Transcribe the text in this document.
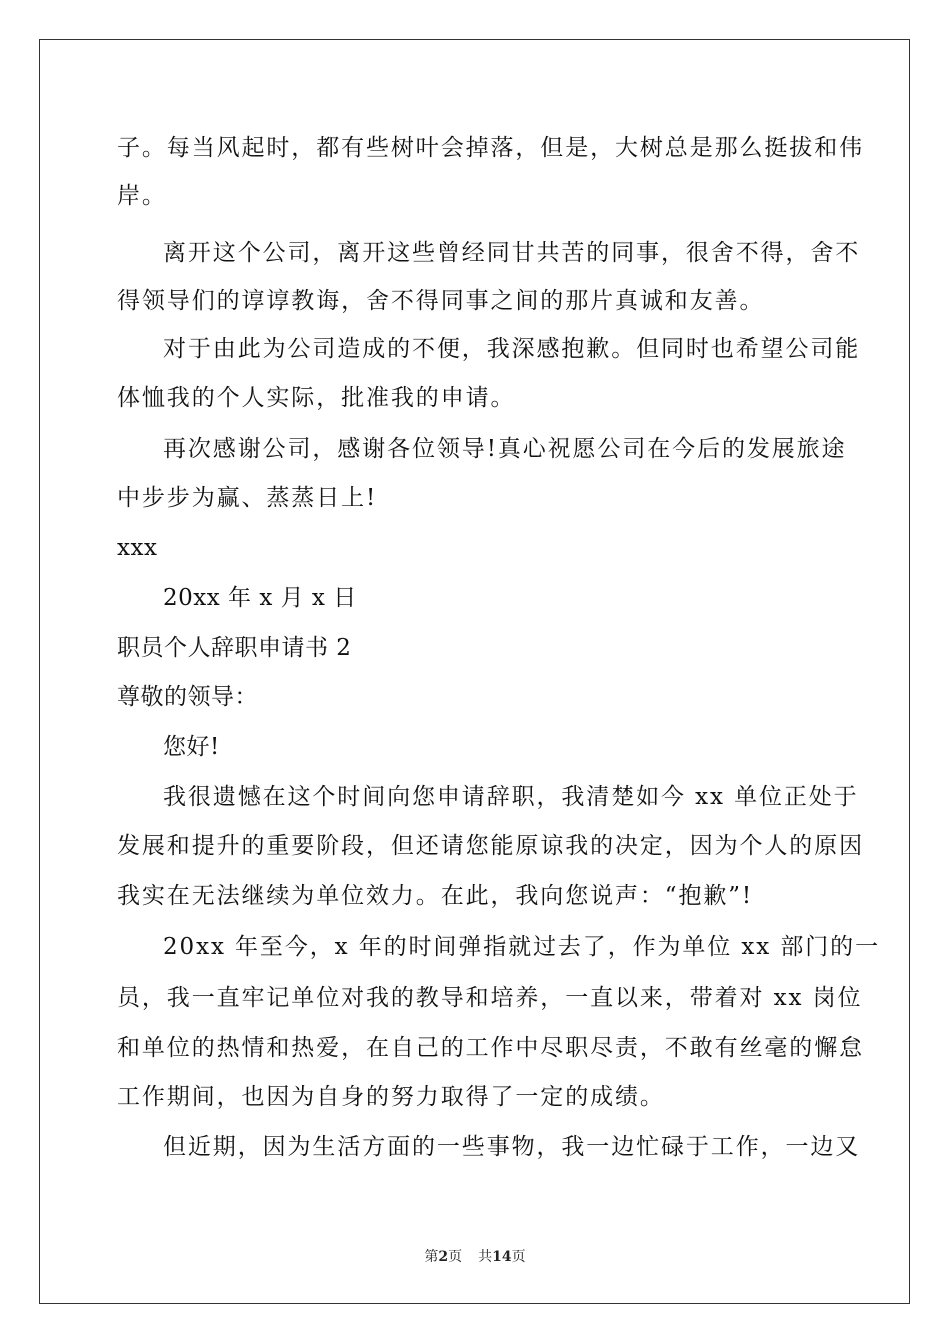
子。每当风起时，都有些树叶会掉落，但是，大树总是那么挺拔和伟
岸。
离开这个公司，离开这些曾经同甘共苦的同事，很舍不得，舍不
得领导们的谆谆教诲，舍不得同事之间的那片真诚和友善。
对于由此为公司造成的不便，我深感抱歉。但同时也希望公司能
体恤我的个人实际，批准我的申请。
再次感谢公司，感谢各位领导!真心祝愿公司在今后的发展旅途
中步步为赢、蒸蒸日上!
xxx
20xx 年 x 月 x 日
职员个人辞职申请书 2
尊敬的领导：
您好!
我很遗憾在这个时间向您申请辞职，我清楚如今 xx 单位正处于
发展和提升的重要阶段，但还请您能原谅我的决定，因为个人的原因
我实在无法继续为单位效力。在此，我向您说声：“抱歉”!
20xx 年至今，x 年的时间弹指就过去了，作为单位 xx 部门的一
员，我一直牢记单位对我的教导和培养，一直以来，带着对 xx 岗位
和单位的热情和热爱，在自己的工作中尽职尽责，不敢有丝毫的懈怠
工作期间，也因为自身的努力取得了一定的成绩。
但近期，因为生活方面的一些事物，我一边忙碌于工作，一边又
第2页 共14页
